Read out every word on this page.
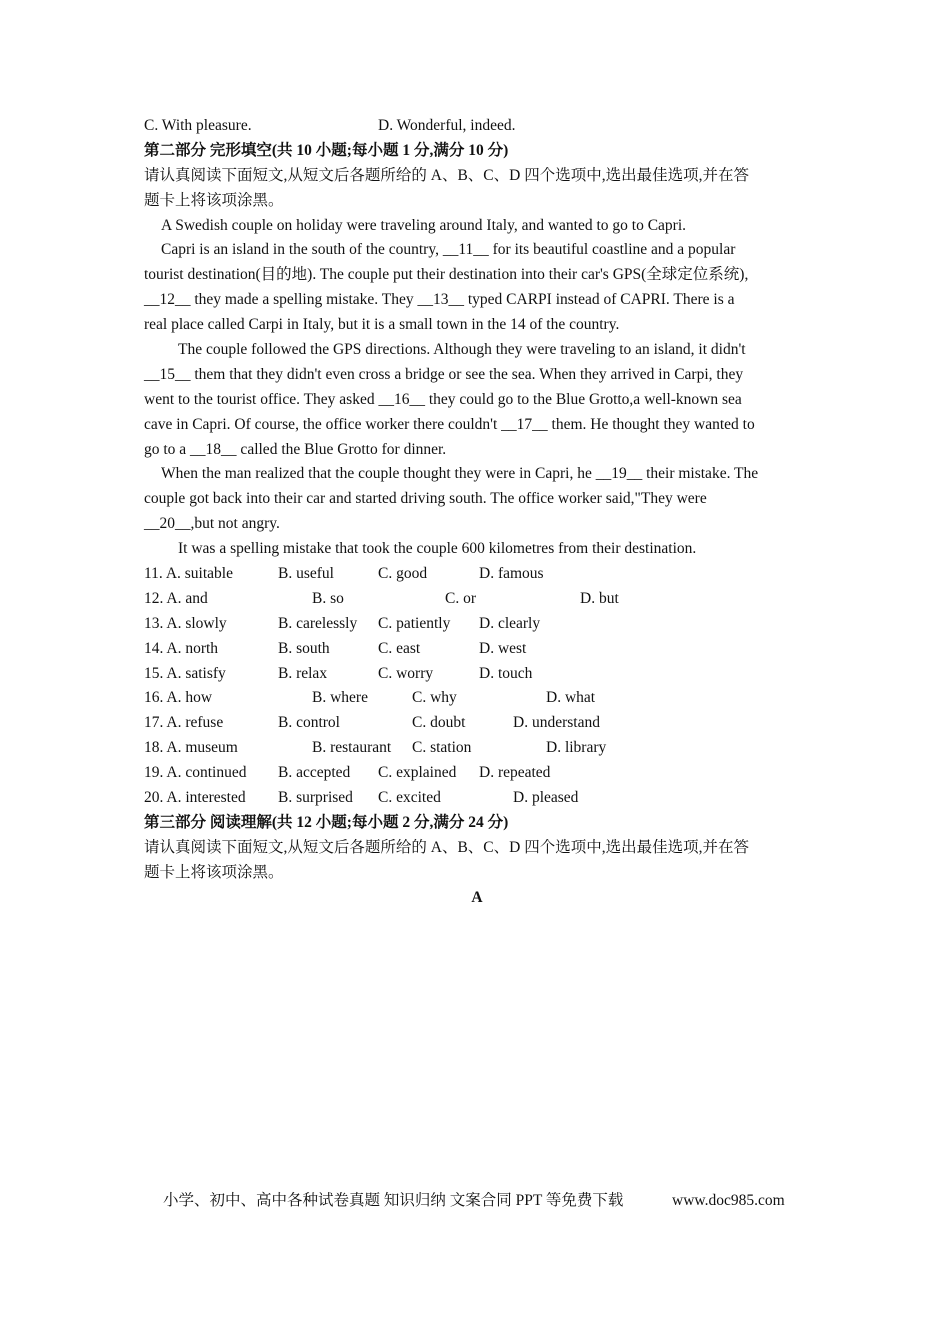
C. With pleasure.	D. Wonderful, indeed.
第二部分 完形填空(共 10 小题;每小题 1 分,满分 10 分)
请认真阅读下面短文,从短文后各题所给的 A、B、C、D 四个选项中,选出最佳选项,并在答
题卡上将该项涂黑。
A Swedish couple on holiday were traveling around Italy, and wanted to go to Capri.
Capri is an island in the south of the country, __11__ for its beautiful coastline and a popular
tourist destination(目的地). The couple put their destination into their car's GPS(全球定位系统),
__12__ they made a spelling mistake. They __13__ typed CARPI instead of CAPRI. There is a
real place called Carpi in Italy, but it is a small town in the 14 of the country.
The couple followed the GPS directions. Although they were traveling to an island, it didn't
__15__ them that they didn't even cross a bridge or see the sea. When they arrived in Carpi, they
went to the tourist office. They asked __16__ they could go to the Blue Grotto,a well-known sea
cave in Capri. Of course, the office worker there couldn't __17__ them. He thought they wanted to
go to a __18__ called the Blue Grotto for dinner.
When the man realized that the couple thought they were in Capri, he __19__ their mistake. The
couple got back into their car and started driving south. The office worker said,"They were
__20__,but not angry.
It was a spelling mistake that took the couple 600 kilometres from their destination.
11. A. suitable	B. useful	C. good	D. famous
12. A. and	B. so	C. or	D. but
13. A. slowly	B. carelessly C. patiently D. clearly
14. A. north	B. south	C. east	D. west
15. A. satisfy	B. relax	C. worry	D. touch
16. A. how	B. where	C. why	D. what
17. A. refuse	B. control	C. doubt	D. understand
18. A. museum	B. restaurant C. station	D. library
19. A. continued B. accepted C. explained D. repeated
20. A. interested B. surprised C. excited	D. pleased
第三部分 阅读理解(共 12 小题;每小题 2 分,满分 24 分)
请认真阅读下面短文,从短文后各题所给的 A、B、C、D 四个选项中,选出最佳选项,并在答
题卡上将该项涂黑。
A
小学、初中、高中各种试卷真题 知识归纳 文案合同 PPT 等免费下载	www.doc985.com
